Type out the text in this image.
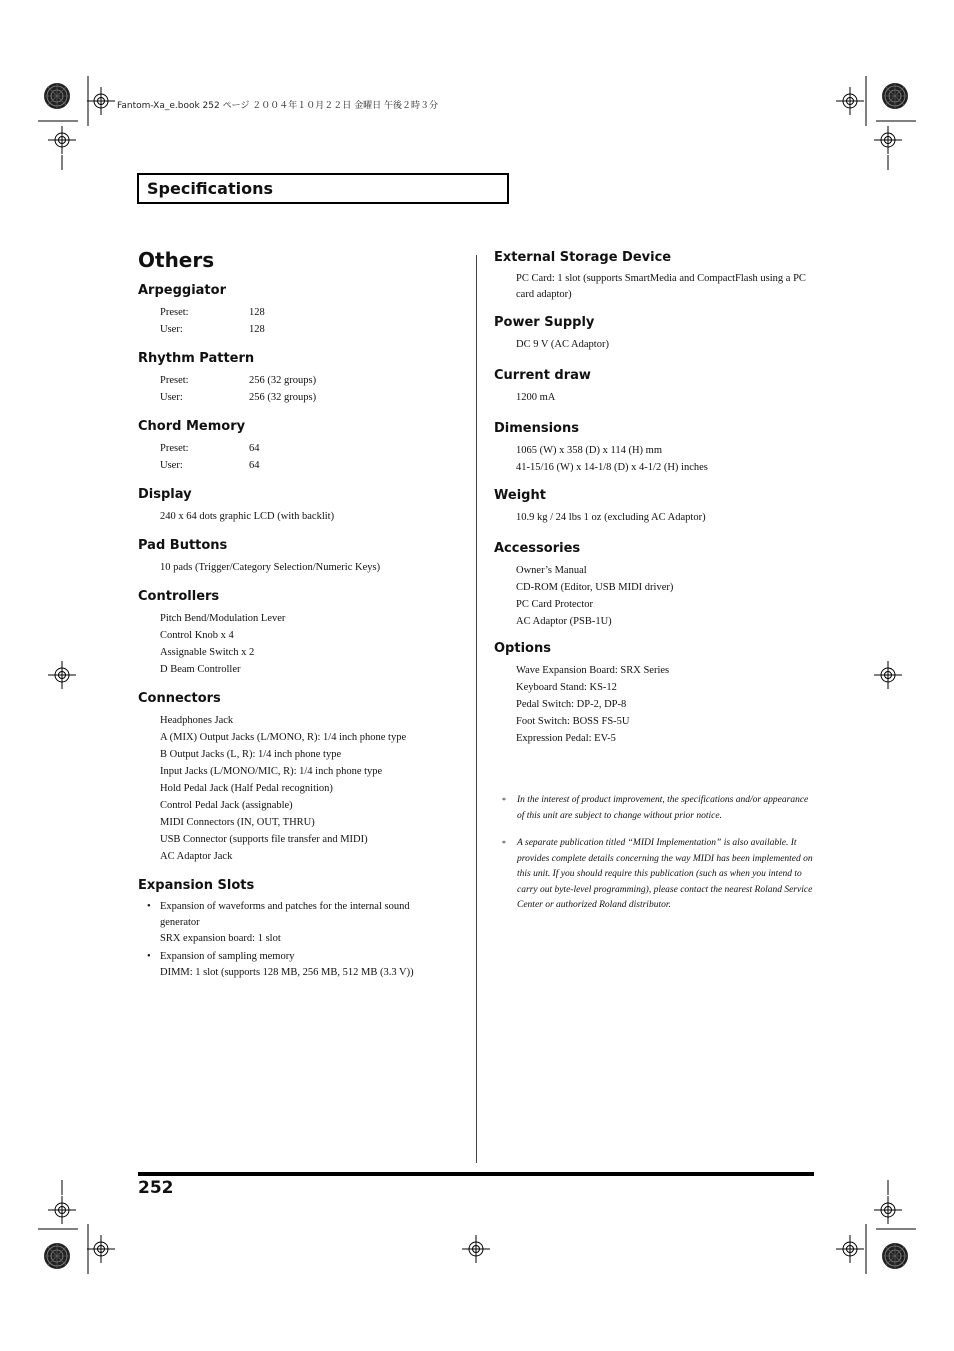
Fantom-Xa_e.book 252 ページ ２００４年１０月２２日 金曜日 午後２時３分
Specifications
Others
Arpeggiator
Preset:	128
User:	128
Rhythm Pattern
Preset:	256 (32 groups)
User:	256 (32 groups)
Chord Memory
Preset:	64
User:	64
Display
240 x 64 dots graphic LCD (with backlit)
Pad Buttons
10 pads (Trigger/Category Selection/Numeric Keys)
Controllers
Pitch Bend/Modulation Lever
Control Knob x 4
Assignable Switch x 2
D Beam Controller
Connectors
Headphones Jack
A (MIX) Output Jacks (L/MONO, R): 1/4 inch phone type
B Output Jacks (L, R): 1/4 inch phone type
Input Jacks (L/MONO/MIC, R): 1/4 inch phone type
Hold Pedal Jack (Half Pedal recognition)
Control Pedal Jack (assignable)
MIDI Connectors (IN, OUT, THRU)
USB Connector (supports file transfer and MIDI)
AC Adaptor Jack
Expansion Slots
• Expansion of waveforms and patches for the internal sound generator
SRX expansion board: 1 slot
• Expansion of sampling memory
DIMM: 1 slot (supports 128 MB, 256 MB, 512 MB (3.3 V))
External Storage Device
PC Card: 1 slot (supports SmartMedia and CompactFlash using a PC card adaptor)
Power Supply
DC 9 V (AC Adaptor)
Current draw
1200 mA
Dimensions
1065 (W) x 358 (D) x 114 (H) mm
41-15/16 (W) x 14-1/8 (D) x 4-1/2 (H) inches
Weight
10.9 kg / 24 lbs 1 oz (excluding AC Adaptor)
Accessories
Owner’s Manual
CD-ROM (Editor, USB MIDI driver)
PC Card Protector
AC Adaptor (PSB-1U)
Options
Wave Expansion Board: SRX Series
Keyboard Stand: KS-12
Pedal Switch: DP-2, DP-8
Foot Switch: BOSS FS-5U
Expression Pedal: EV-5
* In the interest of product improvement, the specifications and/or appearance of this unit are subject to change without prior notice.
* A separate publication titled “MIDI Implementation” is also available. It provides complete details concerning the way MIDI has been implemented on this unit. If you should require this publication (such as when you intend to carry out byte-level programming), please contact the nearest Roland Service Center or authorized Roland distributor.
252
